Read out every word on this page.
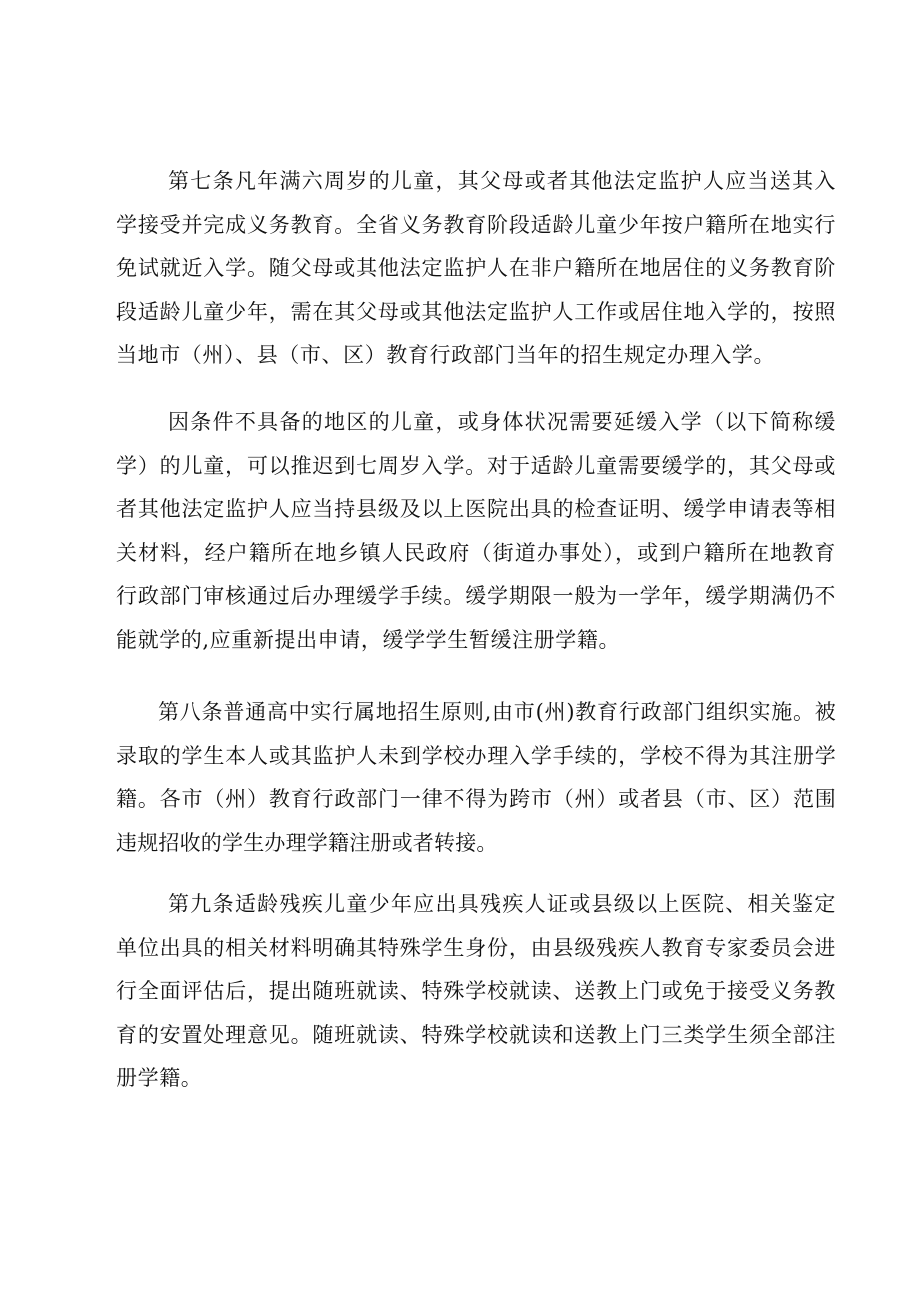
第七条凡年满六周岁的儿童，其父母或者其他法定监护人应当送其入学接受并完成义务教育。全省义务教育阶段适龄儿童少年按户籍所在地实行免试就近入学。随父母或其他法定监护人在非户籍所在地居住的义务教育阶段适龄儿童少年，需在其父母或其他法定监护人工作或居住地入学的，按照当地市（州）、县（市、区）教育行政部门当年的招生规定办理入学。

因条件不具备的地区的儿童，或身体状况需要延缓入学（以下简称缓学）的儿童，可以推迟到七周岁入学。对于适龄儿童需要缓学的，其父母或者其他法定监护人应当持县级及以上医院出具的检查证明、缓学申请表等相关材料，经户籍所在地乡镇人民政府（街道办事处），或到户籍所在地教育行政部门审核通过后办理缓学手续。缓学期限一般为一学年，缓学期满仍不能就学的,应重新提出申请，缓学学生暂缓注册学籍。

第八条普通高中实行属地招生原则,由市(州)教育行政部门组织实施。被录取的学生本人或其监护人未到学校办理入学手续的，学校不得为其注册学籍。各市（州）教育行政部门一律不得为跨市（州）或者县（市、区）范围违规招收的学生办理学籍注册或者转接。

第九条适龄残疾儿童少年应出具残疾人证或县级以上医院、相关鉴定单位出具的相关材料明确其特殊学生身份，由县级残疾人教育专家委员会进行全面评估后，提出随班就读、特殊学校就读、送教上门或免于接受义务教育的安置处理意见。随班就读、特殊学校就读和送教上门三类学生须全部注册学籍。
